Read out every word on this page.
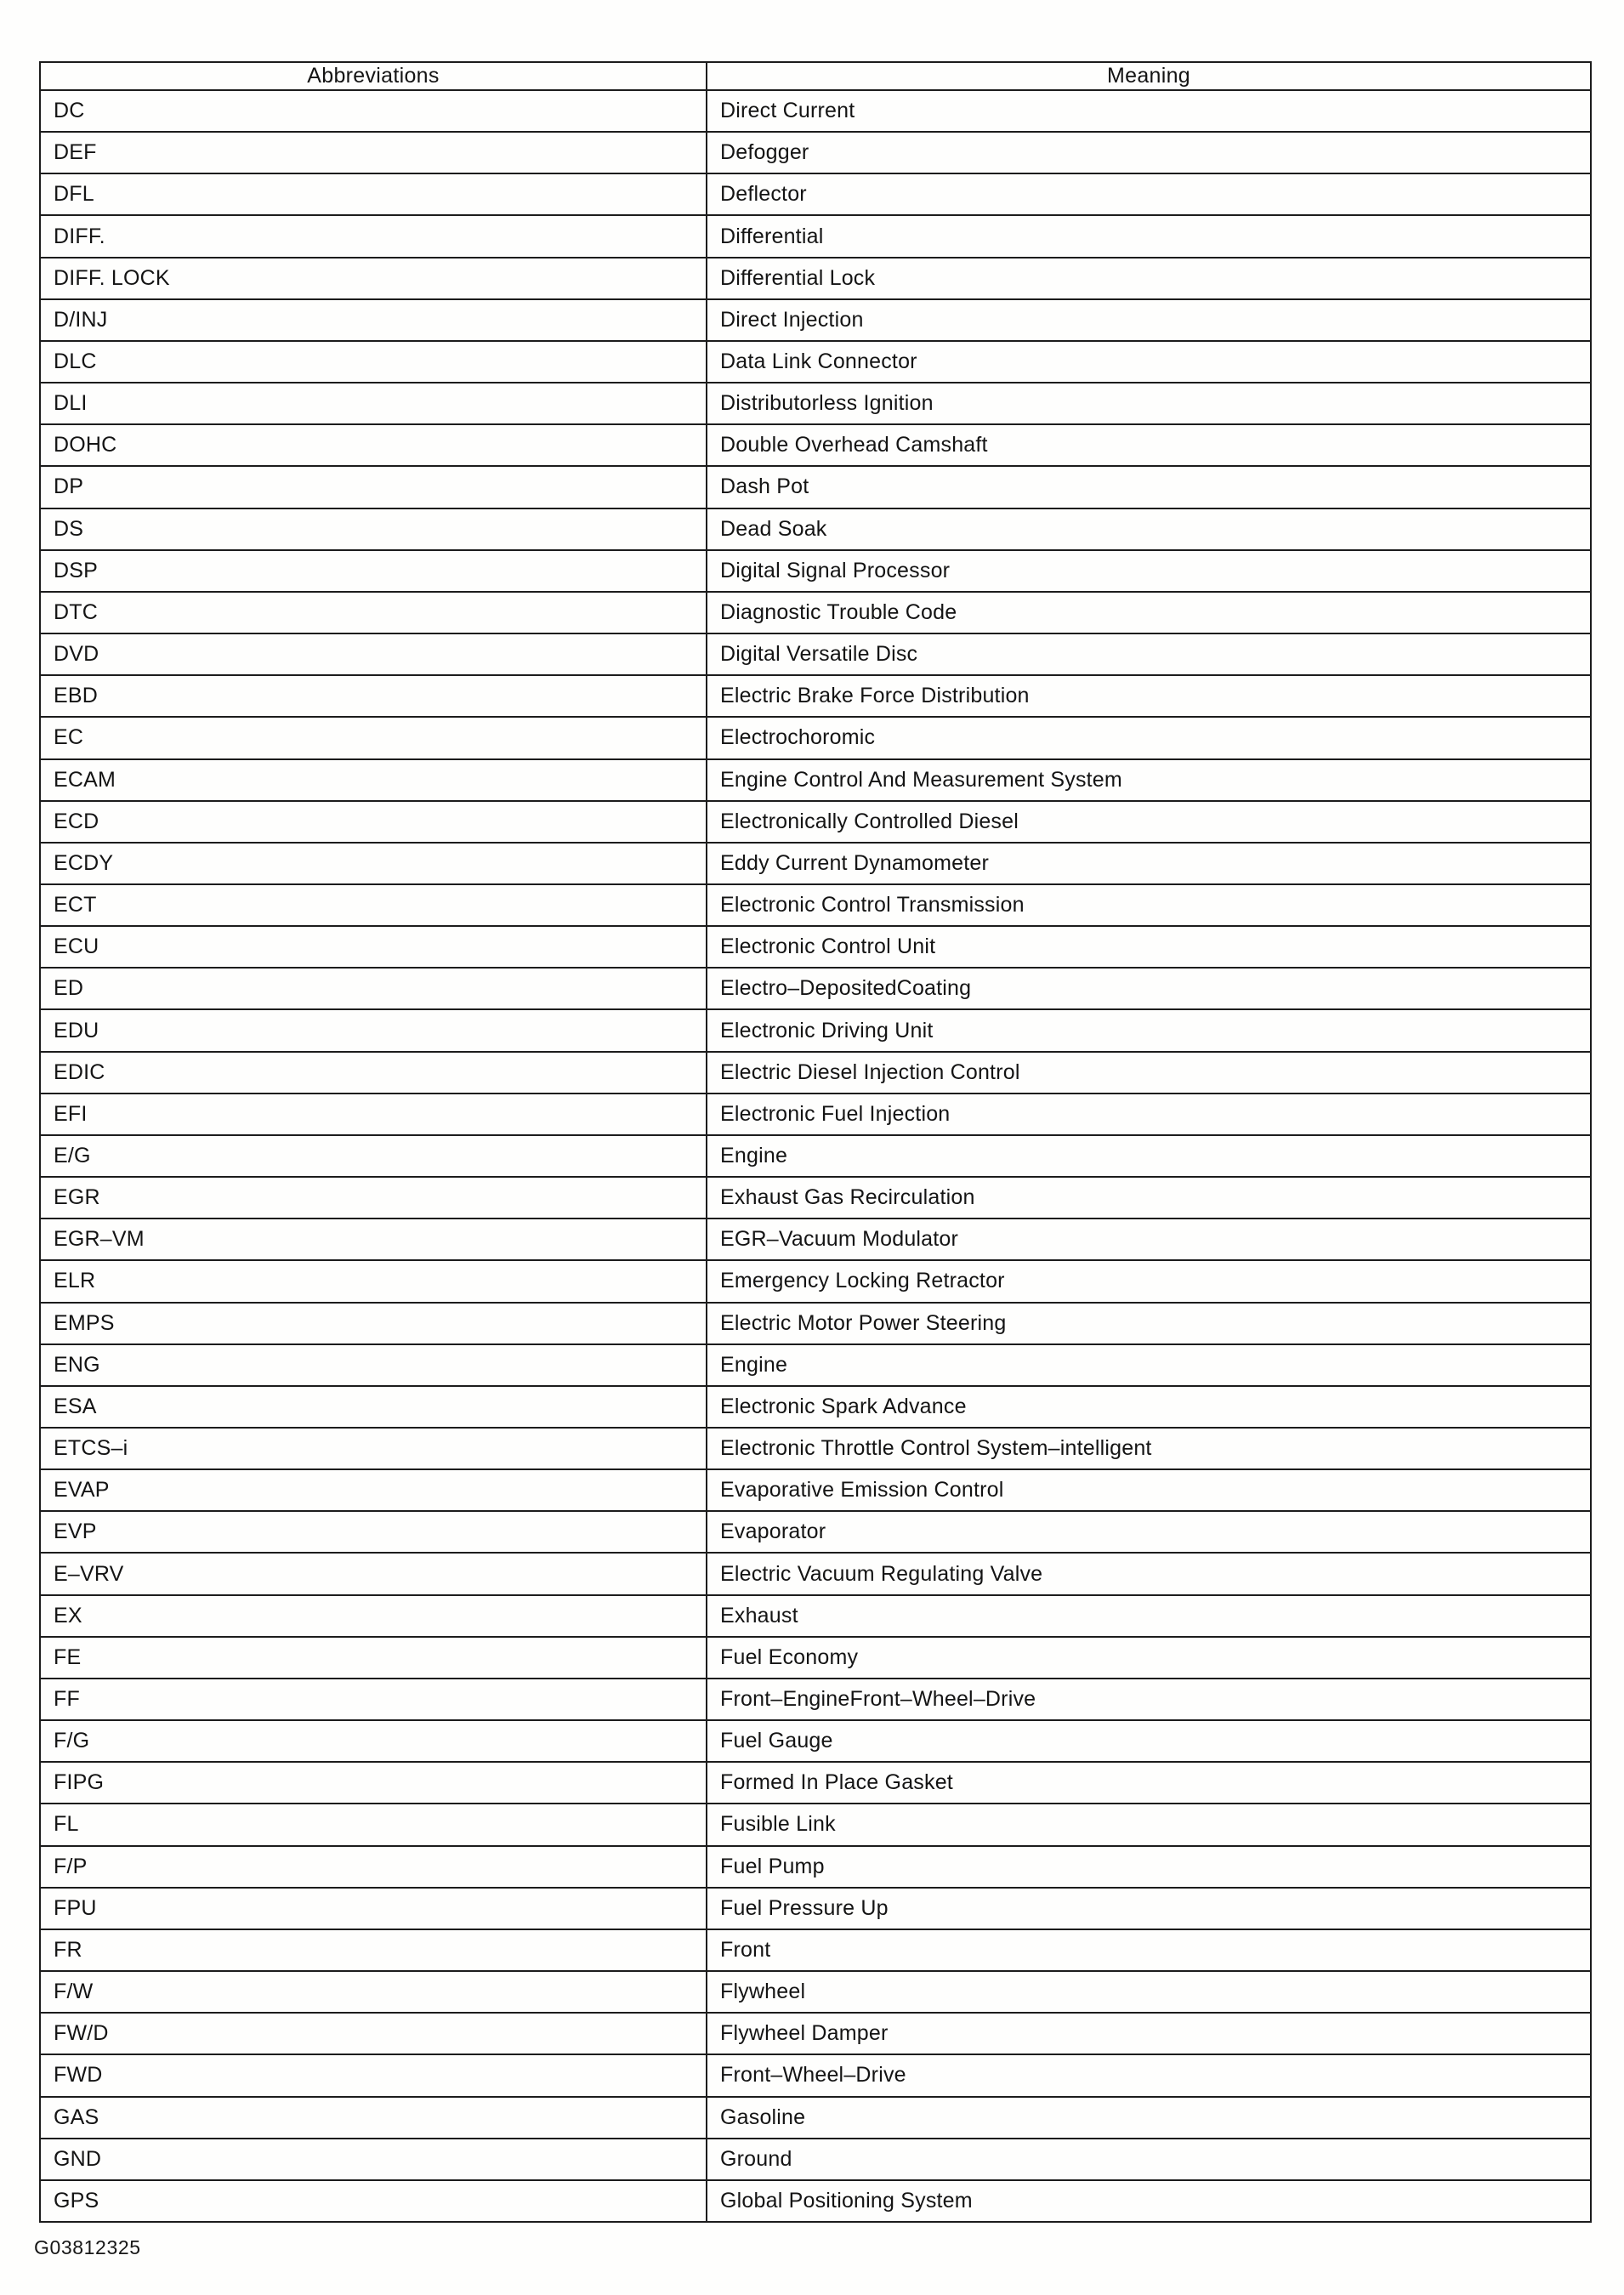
Abbreviations	Meaning
DC	Direct Current
DEF	Defogger
DFL	Deflector
DIFF.	Differential
DIFF. LOCK	Differential Lock
D/INJ	Direct Injection
DLC	Data Link Connector
DLI	Distributorless Ignition
DOHC	Double Overhead Camshaft
DP	Dash Pot
DS	Dead Soak
DSP	Digital Signal Processor
DTC	Diagnostic Trouble Code
DVD	Digital Versatile Disc
EBD	Electric Brake Force Distribution
EC	Electrochoromic
ECAM	Engine Control And Measurement System
ECD	Electronically Controlled Diesel
ECDY	Eddy Current Dynamometer
ECT	Electronic Control Transmission
ECU	Electronic Control Unit
ED	Electro–DepositedCoating
EDU	Electronic Driving Unit
EDIC	Electric Diesel Injection Control
EFI	Electronic Fuel Injection
E/G	Engine
EGR	Exhaust Gas Recirculation
EGR–VM	EGR–Vacuum Modulator
ELR	Emergency Locking Retractor
EMPS	Electric Motor Power Steering
ENG	Engine
ESA	Electronic Spark Advance
ETCS–i	Electronic Throttle Control System–intelligent
EVAP	Evaporative Emission Control
EVP	Evaporator
E–VRV	Electric Vacuum Regulating Valve
EX	Exhaust
FE	Fuel Economy
FF	Front–EngineFront–Wheel–Drive
F/G	Fuel Gauge
FIPG	Formed In Place Gasket
FL	Fusible Link
F/P	Fuel Pump
FPU	Fuel Pressure Up
FR	Front
F/W	Flywheel
FW/D	Flywheel Damper
FWD	Front–Wheel–Drive
GAS	Gasoline
GND	Ground
GPS	Global Positioning System
G03812325
